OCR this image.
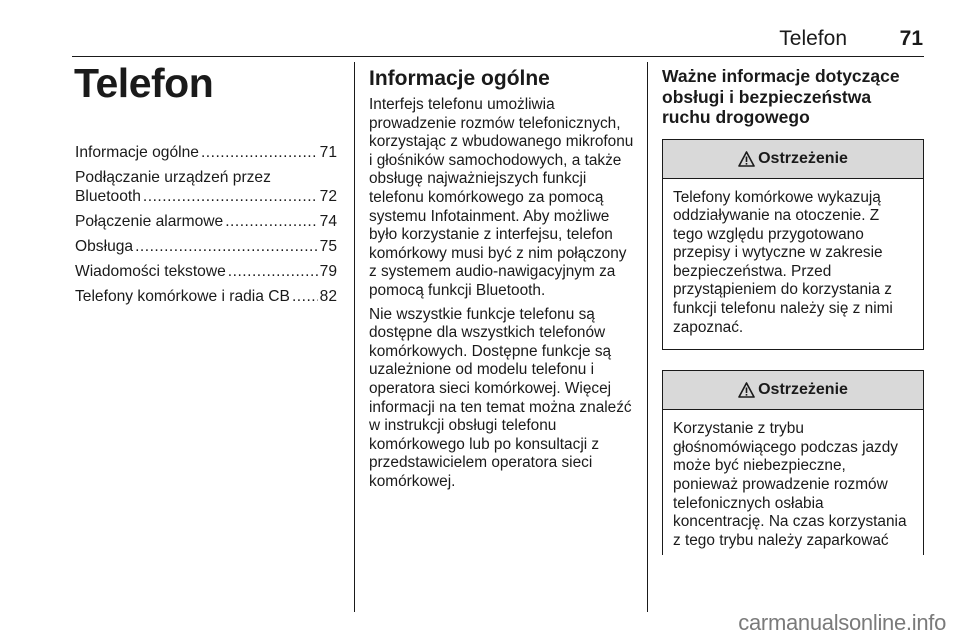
Telefon	71
Telefon
Informacje ogólne .....	71
Podłączanie urządzeń przez
Bluetooth .....	72
Połączenie alarmowe .....	74
Obsługa .....	75
Wiadomości tekstowe .....	79
Telefony komórkowe i radia CB ..... 82
Informacje ogólne

Interfejs telefonu umożliwia prowadzenie rozmów telefonicznych, korzystając z wbudowanego mikrofonu i głośników samochodowych, a także obsługę najważniejszych funkcji telefonu komórkowego za pomocą systemu Infotainment. Aby możliwe było korzystanie z interfejsu, telefon komórkowy musi być z nim połączony z systemem audio-nawigacyjnym za pomocą funkcji Bluetooth.

Nie wszystkie funkcje telefonu są dostępne dla wszystkich telefonów komórkowych. Dostępne funkcje są uzależnione od modelu telefonu i operatora sieci komórkowej. Więcej informacji na ten temat można znaleźć w instrukcji obsługi telefonu komórkowego lub po konsultacji z przedstawicielem operatora sieci komórkowej.

Ważne informacje dotyczące obsługi i bezpieczeństwa ruchu drogowego
Ostrzeżenie
Telefony komórkowe wykazują oddziaływanie na otoczenie. Z tego względu przygotowano przepisy i wytyczne w zakresie bezpieczeństwa. Przed przystąpieniem do korzystania z funkcji telefonu należy się z nimi zapoznać.
Ostrzeżenie
Korzystanie z trybu głośnomówiącego podczas jazdy może być niebezpieczne, ponieważ prowadzenie rozmów telefonicznych osłabia koncentrację. Na czas korzystania z tego trybu należy zaparkować
carmanualsonline.info
